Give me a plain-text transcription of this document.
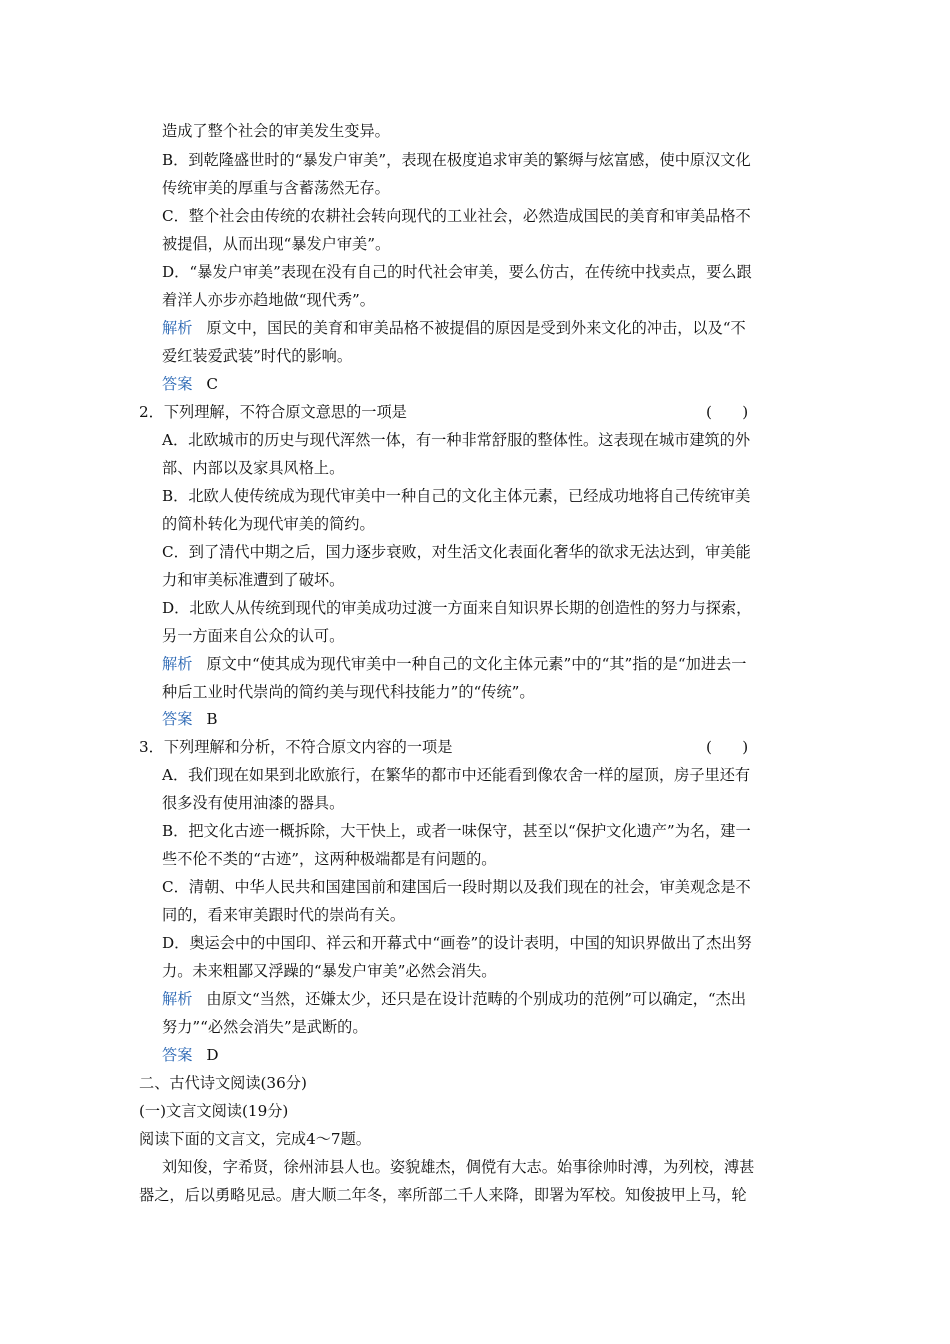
造成了整个社会的审美发生变异。
B．到乾隆盛世时的“暴发户审美”，表现在极度追求审美的繁缛与炫富感，使中原汉文化
传统审美的厚重与含蓄荡然无存。
C．整个社会由传统的农耕社会转向现代的工业社会，必然造成国民的美育和审美品格不
被提倡，从而出现“暴发户审美”。
D．“暴发户审美”表现在没有自己的时代社会审美，要么仿古，在传统中找卖点，要么跟
着洋人亦步亦趋地做“现代秀”。
解析 原文中，国民的美育和审美品格不被提倡的原因是受到外来文化的冲击，以及“不
爱红装爱武装”时代的影响。
答案 C
2．下列理解，不符合原文意思的一项是	(　　)
A．北欧城市的历史与现代浑然一体，有一种非常舒服的整体性。这表现在城市建筑的外
部、内部以及家具风格上。
B．北欧人使传统成为现代审美中一种自己的文化主体元素，已经成功地将自己传统审美
的简朴转化为现代审美的简约。
C．到了清代中期之后，国力逐步衰败，对生活文化表面化奢华的欲求无法达到，审美能
力和审美标准遭到了破坏。
D．北欧人从传统到现代的审美成功过渡一方面来自知识界长期的创造性的努力与探索，
另一方面来自公众的认可。
解析 原文中“使其成为现代审美中一种自己的文化主体元素”中的“其”指的是“加进去一
种后工业时代崇尚的简约美与现代科技能力”的“传统”。
答案 B
3．下列理解和分析，不符合原文内容的一项是	(　　)
A．我们现在如果到北欧旅行，在繁华的都市中还能看到像农舍一样的屋顶，房子里还有
很多没有使用油漆的器具。
B．把文化古迹一概拆除，大干快上，或者一味保守，甚至以“保护文化遗产”为名，建一
些不伦不类的“古迹”，这两种极端都是有问题的。
C．清朝、中华人民共和国建国前和建国后一段时期以及我们现在的社会，审美观念是不
同的，看来审美跟时代的崇尚有关。
D．奥运会中的中国印、祥云和开幕式中“画卷”的设计表明，中国的知识界做出了杰出努
力。未来粗鄙又浮躁的“暴发户审美”必然会消失。
解析 由原文“当然，还嫌太少，还只是在设计范畴的个别成功的范例”可以确定，“杰出
努力”“必然会消失”是武断的。
答案 D
二、古代诗文阅读(36分)
(一)文言文阅读(19分)
阅读下面的文言文，完成4～7题。
刘知俊，字希贤，徐州沛县人也。姿貌雄杰，倜傥有大志。始事徐帅时溥，为列校，溥甚
器之，后以勇略见忌。唐大顺二年冬，率所部二千人来降，即署为军校。知俊披甲上马，轮
